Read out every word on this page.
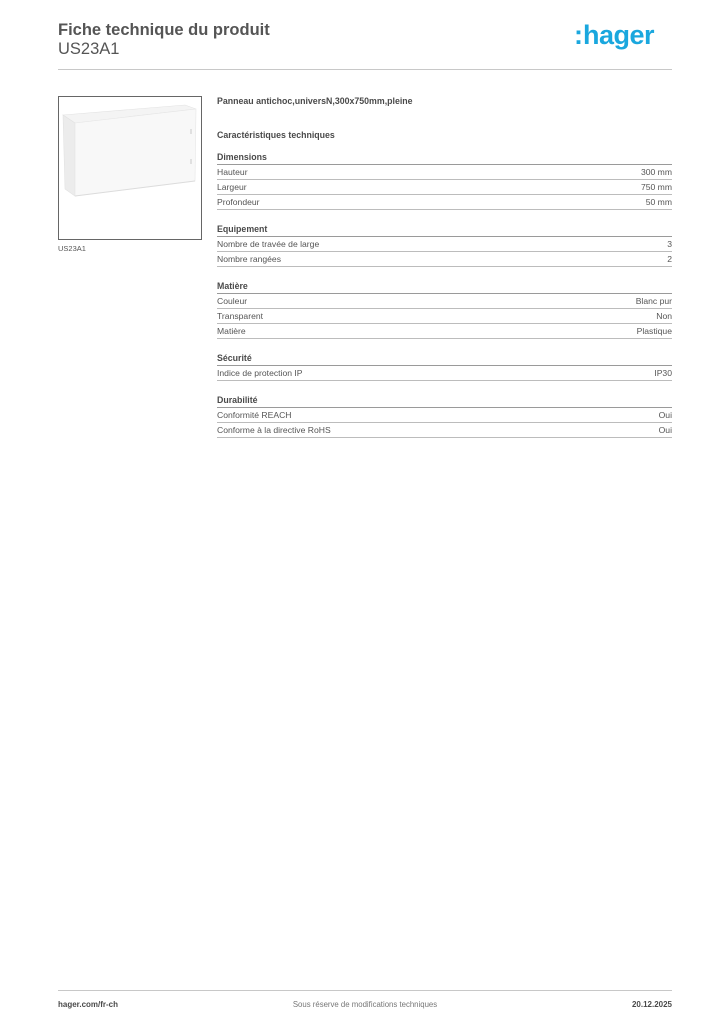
Fiche technique du produit
US23A1	:hager
US23A1
Panneau antichoc,universN,300x750mm,pleine
Caractéristiques techniques
Dimensions
Hauteur	300 mm
Largeur	750 mm
Profondeur	50 mm
Equipement
Nombre de travée de large	3
Nombre rangées	2
Matière
Couleur	Blanc pur
Transparent	Non
Matière	Plastique
Sécurité
Indice de protection IP	IP30
Durabilité
Conformité REACH	Oui
Conforme à la directive RoHS	Oui
hager.com/fr-ch	Sous réserve de modifications techniques	20.12.2025
